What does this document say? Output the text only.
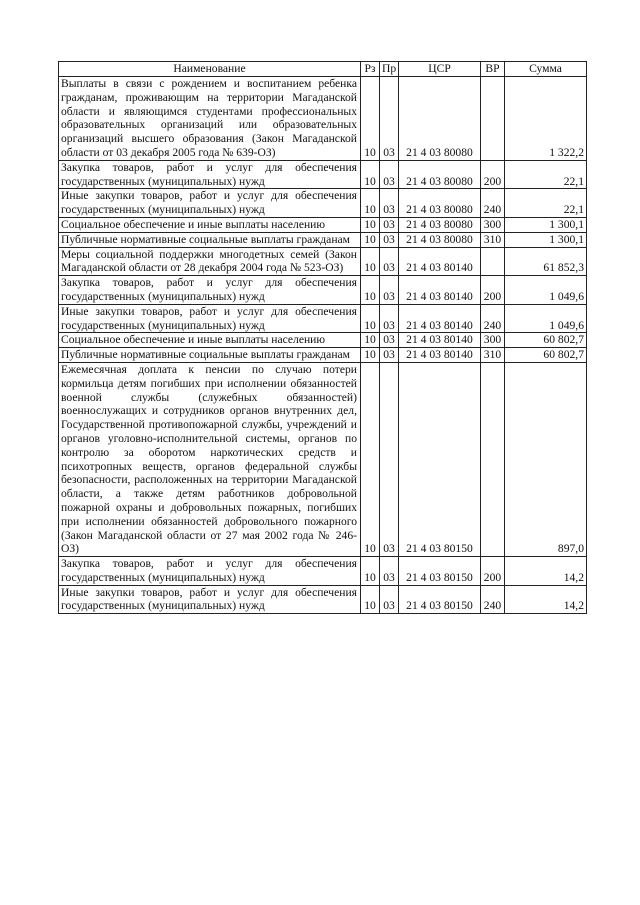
Наименование	Рз	Пр	ЦСР	ВР	Сумма
Выплаты в связи с рождением и воспитанием ребенка гражданам, проживающим на территории Магаданской области и являющимся студентами профессиональных образовательных организаций или образовательных организаций высшего образования (Закон Магаданской области от 03 декабря 2005 года № 639-ОЗ)	10	03	21 4 03 80080		1 322,2
Закупка товаров, работ и услуг для обеспечения государственных (муниципальных) нужд	10	03	21 4 03 80080	200	22,1
Иные закупки товаров, работ и услуг для обеспечения государственных (муниципальных) нужд	10	03	21 4 03 80080	240	22,1
Социальное обеспечение и иные выплаты населению	10	03	21 4 03 80080	300	1 300,1
Публичные нормативные социальные выплаты гражданам	10	03	21 4 03 80080	310	1 300,1
Меры социальной поддержки многодетных семей (Закон Магаданской области от 28 декабря 2004 года № 523-ОЗ)	10	03	21 4 03 80140		61 852,3
Закупка товаров, работ и услуг для обеспечения государственных (муниципальных) нужд	10	03	21 4 03 80140	200	1 049,6
Иные закупки товаров, работ и услуг для обеспечения государственных (муниципальных) нужд	10	03	21 4 03 80140	240	1 049,6
Социальное обеспечение и иные выплаты населению	10	03	21 4 03 80140	300	60 802,7
Публичные нормативные социальные выплаты гражданам	10	03	21 4 03 80140	310	60 802,7
Ежемесячная доплата к пенсии по случаю потери кормильца детям погибших при исполнении обязанностей военной службы (служебных обязанностей) военнослужащих и сотрудников органов внутренних дел, Государственной противопожарной службы, учреждений и органов уголовно-исполнительной системы, органов по контролю за оборотом наркотических средств и психотропных веществ, органов федеральной службы безопасности, расположенных на территории Магаданской области, а также детям работников добровольной пожарной охраны и добровольных пожарных, погибших при исполнении обязанностей добровольного пожарного (Закон Магаданской области от 27 мая 2002 года № 246-ОЗ)	10	03	21 4 03 80150		897,0
Закупка товаров, работ и услуг для обеспечения государственных (муниципальных) нужд	10	03	21 4 03 80150	200	14,2
Иные закупки товаров, работ и услуг для обеспечения государственных (муниципальных) нужд	10	03	21 4 03 80150	240	14,2
